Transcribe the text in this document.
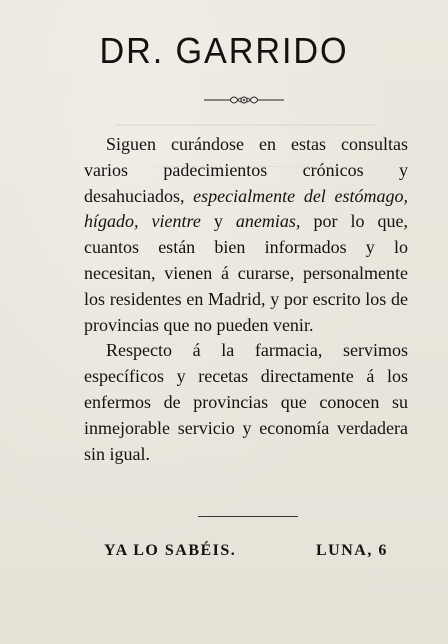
DR. GARRIDO

Siguen curándose en estas consultas varios padecimientos crónicos y desahuciados, especialmente del estómago, hígado, vientre y anemias, por lo que, cuantos están bien informados y lo necesitan, vienen á curarse, personalmente los residentes en Madrid, y por escrito los de provincias que no pueden venir.

Respecto á la farmacia, servimos específicos y recetas directamente á los enfermos de provincias que conocen su inmejorable servicio y economía verdadera sin igual.

YA LO SABÉIS.	LUNA, 6
